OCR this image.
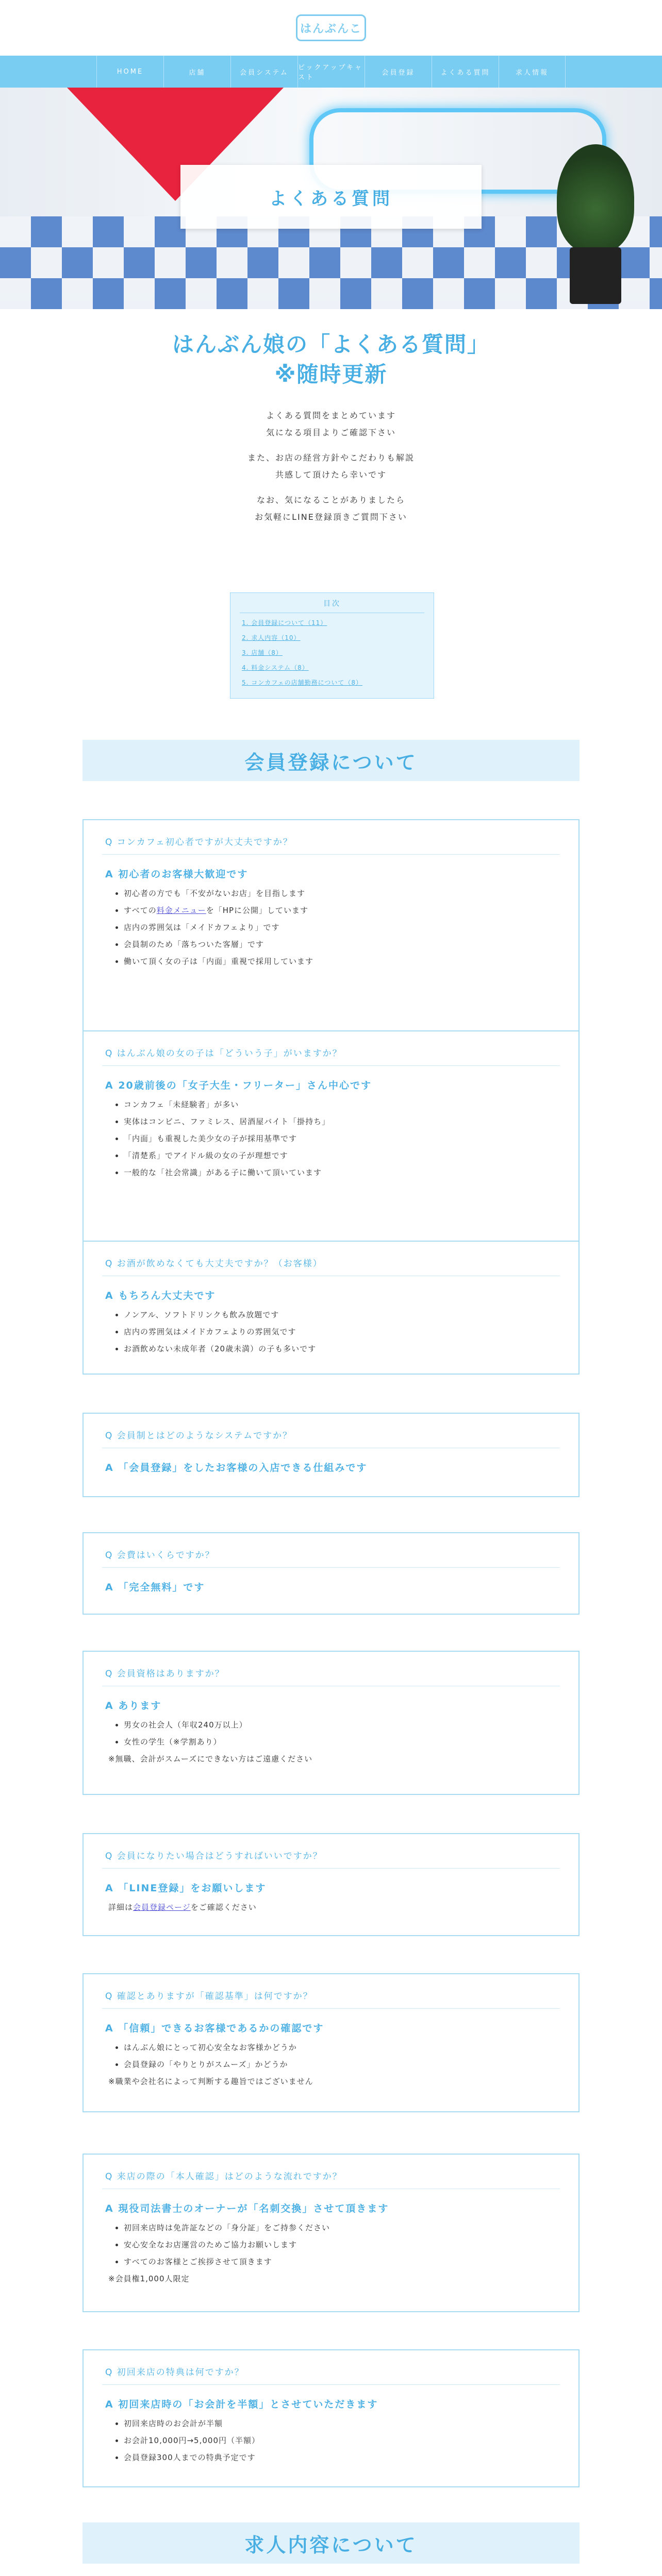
はんぶんこ
HOME	店舗	会員システム
ピックアップキャスト
会員登録	よくある質問	求人情報
よくある質問
はんぶん娘の「よくある質問」
※随時更新

よくある質問をまとめています
気になる項目よりご確認下さい

また、お店の経営方針やこだわりも解説
共感して頂けたら幸いです

なお、気になることがありましたら
お気軽にLINE登録頂きご質問下さい

目次
1. 会員登録について（11）
2. 求人内容（10）
3. 店舗（8）
4. 料金システム（8）
5. コンカフェの店舗勤務について（8）
会員登録について
Q コンカフェ初心者ですが大丈夫ですか？
A 初心者のお客様大歓迎です
• 初心者の方でも「不安がないお店」を目指します
• すべての料金メニューを「HPに公開」しています
• 店内の雰囲気は「メイドカフェより」です
• 会員制のため「落ちついた客層」です
• 働いて頂く女の子は「内面」重視で採用しています
Q はんぶん娘の女の子は「どういう子」がいますか？
A 20歳前後の「女子大生・フリーター」さん中心です
• コンカフェ「未経験者」が多い
• 実体はコンビニ、ファミレス、居酒屋バイト「掛持ち」
• 「内面」も重視した美少女の子が採用基準です
• 「清楚系」でアイドル級の女の子が理想です
• 一般的な「社会常識」がある子に働いて頂いています
Q お酒が飲めなくても大丈夫ですか？（お客様）
A もちろん大丈夫です
• ノンアル、ソフトドリンクも飲み放題です
• 店内の雰囲気はメイドカフェよりの雰囲気です
• お酒飲めない未成年者（20歳未満）の子も多いです
Q 会員制とはどのようなシステムですか？
A 「会員登録」をしたお客様の入店できる仕組みです
Q 会費はいくらですか？
A 「完全無料」です
Q 会員資格はありますか？
A あります
• 男女の社会人（年収240万以上）
• 女性の学生（※学割あり）

※無職、会計がスムーズにできない方はご遠慮ください

Q 会員になりたい場合はどうすればいいですか？
A 「LINE登録」をお願いします

詳細は会員登録ページをご確認ください

Q 確認とありますが「確認基準」は何ですか？
A 「信頼」できるお客様であるかの確認です
• はんぶん娘にとって初心安全なお客様かどうか
• 会員登録の「やりとりがスムーズ」かどうか

※職業や会社名によって判断する趣旨ではございません

Q 来店の際の「本人確認」はどのような流れですか？
A 現役司法書士のオーナーが「名刺交換」させて頂きます
• 初回来店時は免許証などの「身分証」をご持参ください
• 安心安全なお店運営のためご協力お願いします
• すべてのお客様とご挨拶させて頂きます

※会員権1,000人限定

Q 初回来店の特典は何ですか？
A 初回来店時の「お会計を半額」とさせていただきます
• 初回来店時のお会計が半額
• お会計10,000円→5,000円（半額）
• 会員登録300人までの特典予定です
求人内容について
